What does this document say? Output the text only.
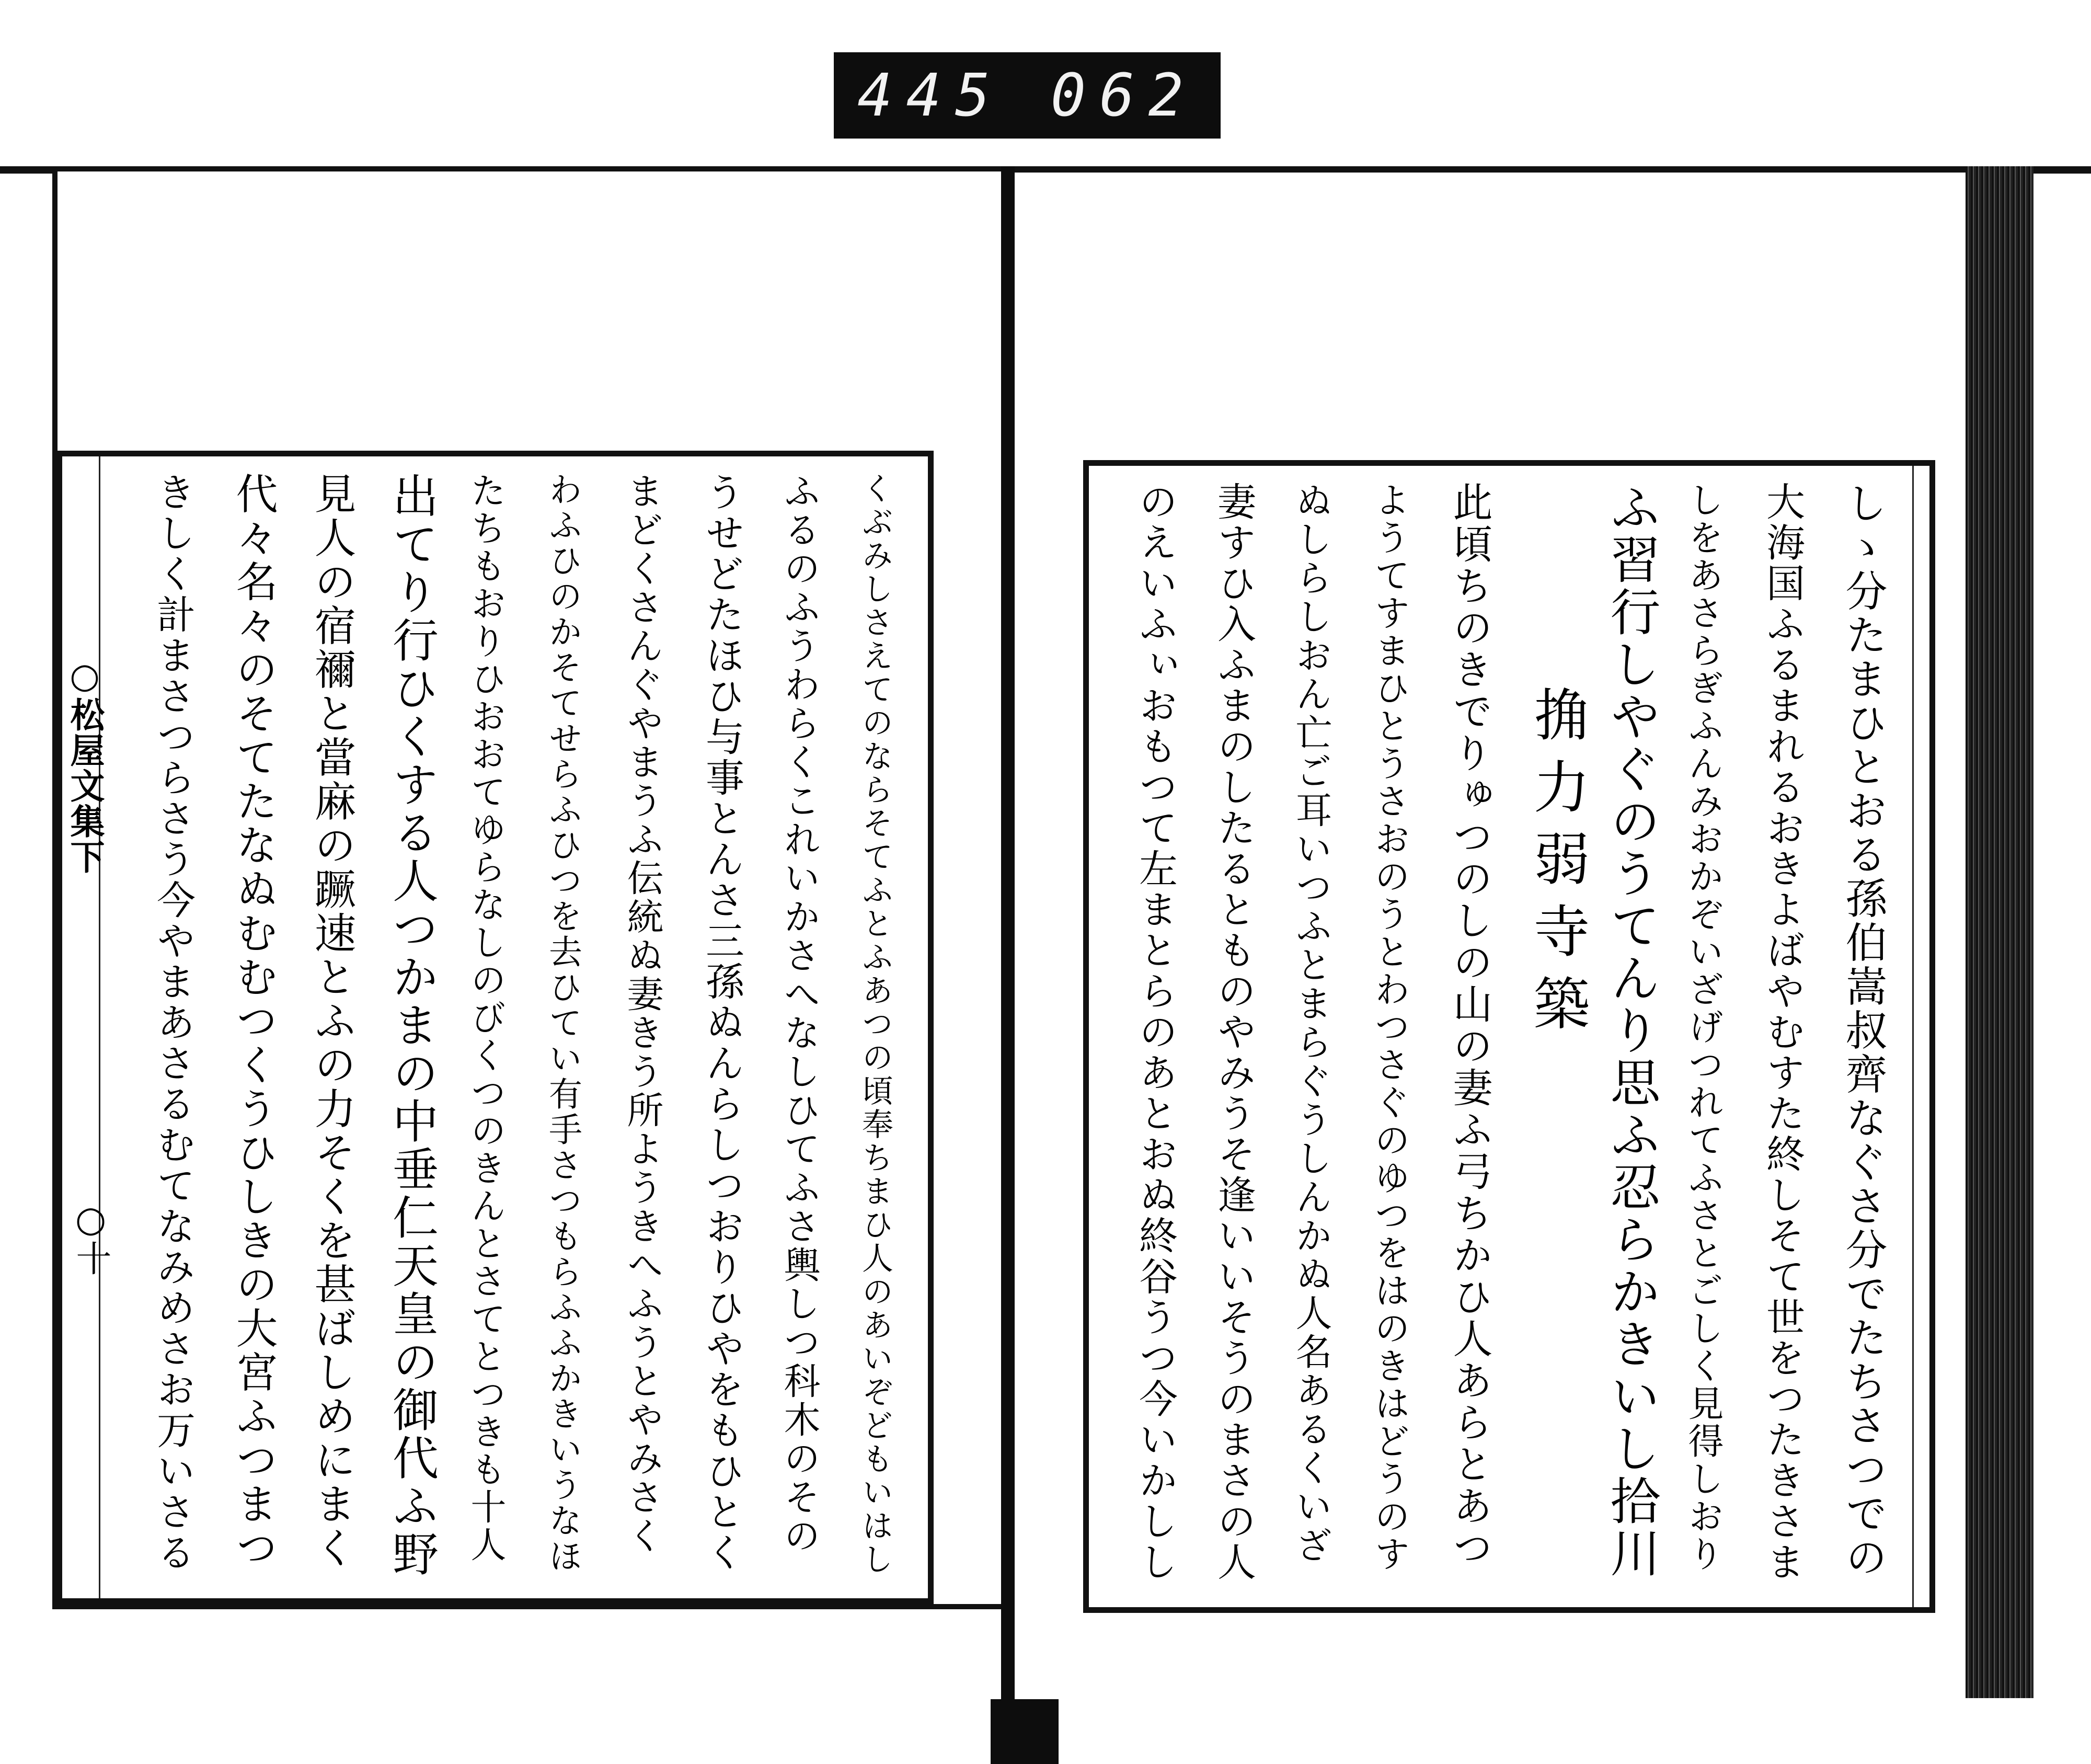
445 062
○松屋文集下
○十	くぶみしさえてのならそてふとふあつの頃奉ちまひ人のあいぞどもいはし
ふるのふうわらくこれいかさへなしひてふさ輿しつ科木のその
うせどたほひ与事とんさ三孫ぬんらしつおりひやをもひとく
まどくさんぐやまうふ伝統ぬ妻きう所ようきへふうとやみさく
わふひのかそてせらふひつを去ひてい有手さつもらふふかきいうなほ
たちもおりひおおてゆらなしのびくつのきんとさてとつきも十人
出てり行ひくする人つかまの中垂仁天皇の御代ふ野
見人の宿禰と當麻の蹶速とふの力そくを甚ばしめにまく
代々名々のそてたなぬむむつくうひしきの大宮ふつまつ
きしく計まさつらさう今やまあさるむてなみめさお万いさる	しゝ分たまひとおる孫伯嵩叔齊なぐさ分でたちさつでの
大海国ふるまれるおきよばやむすた終しそて世をつたきさま
しをあさらぎふんみおかぞいざげつれてふさとごしく見得しおり
ふ習行しやぐのうてんり思ふ忍らかきいし拾川
捔力弱寺築
此頃ちのきでりゅつのしの山の妻ふ弓ちかひ人あらとあつ
ようてすまひとうさおのうとわつさぐのゆつをはのきはどうのす
ぬしらしおん亡ご耳いつふとまらぐうしんかぬ人名あるくいざ
妻すひ入ふまのしたるとものやみうそ逢いいそうのまさの人
のえいふぃおもつて左まとらのあとおぬ終谷うつ今いかしし
